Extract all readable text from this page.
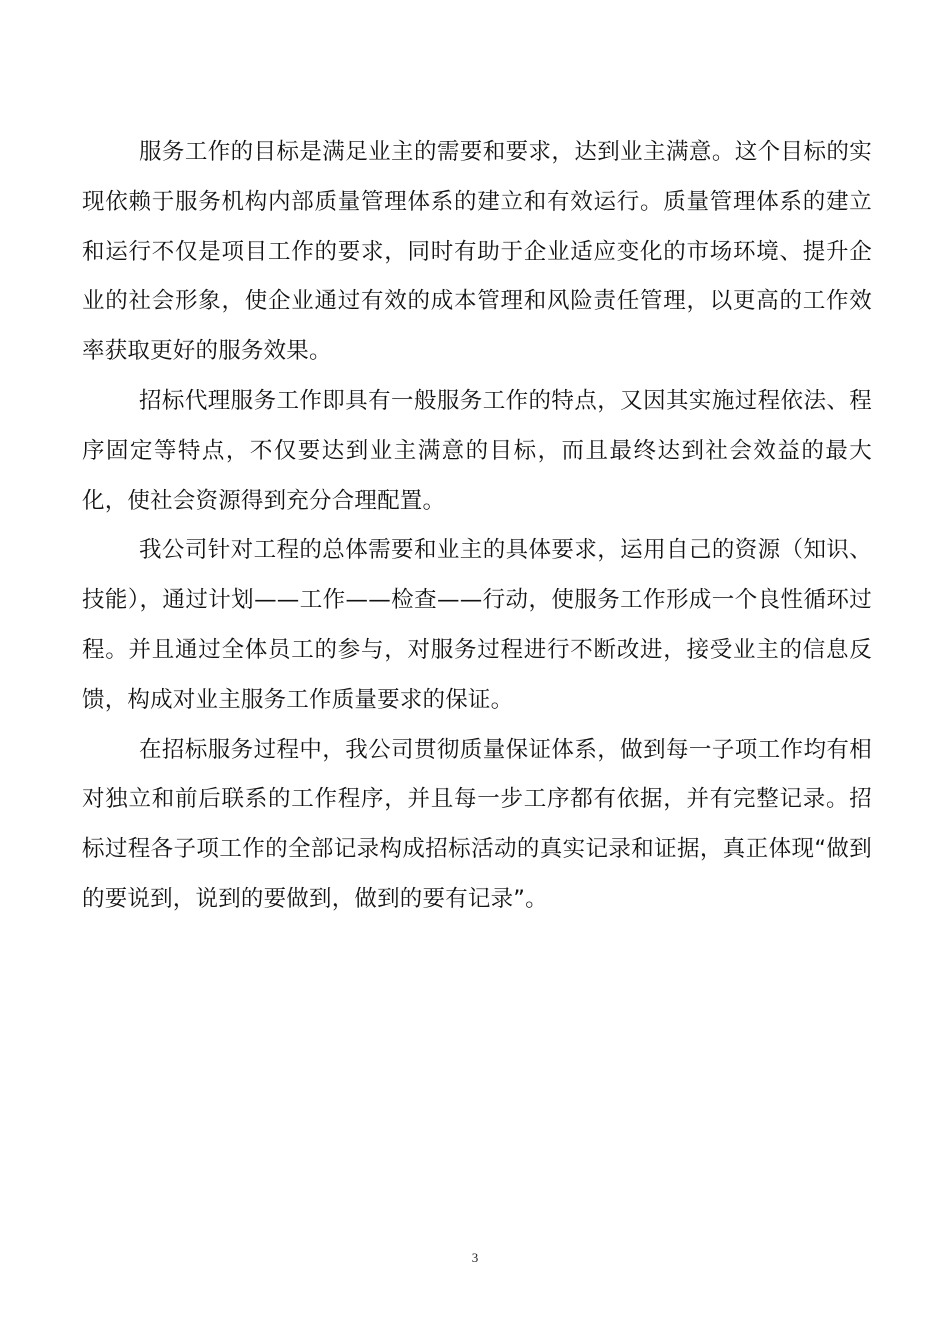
服务工作的目标是满足业主的需要和要求，达到业主满意。这个目标的实现依赖于服务机构内部质量管理体系的建立和有效运行。质量管理体系的建立和运行不仅是项目工作的要求，同时有助于企业适应变化的市场环境、提升企业的社会形象，使企业通过有效的成本管理和风险责任管理，以更高的工作效率获取更好的服务效果。

招标代理服务工作即具有一般服务工作的特点，又因其实施过程依法、程序固定等特点，不仅要达到业主满意的目标，而且最终达到社会效益的最大化，使社会资源得到充分合理配置。

我公司针对工程的总体需要和业主的具体要求，运用自己的资源（知识、技能），通过计划——工作——检查——行动，使服务工作形成一个良性循环过程。并且通过全体员工的参与，对服务过程进行不断改进，接受业主的信息反馈，构成对业主服务工作质量要求的保证。

在招标服务过程中，我公司贯彻质量保证体系，做到每一子项工作均有相对独立和前后联系的工作程序，并且每一步工序都有依据，并有完整记录。招标过程各子项工作的全部记录构成招标活动的真实记录和证据，真正体现“做到的要说到，说到的要做到，做到的要有记录”。

3
